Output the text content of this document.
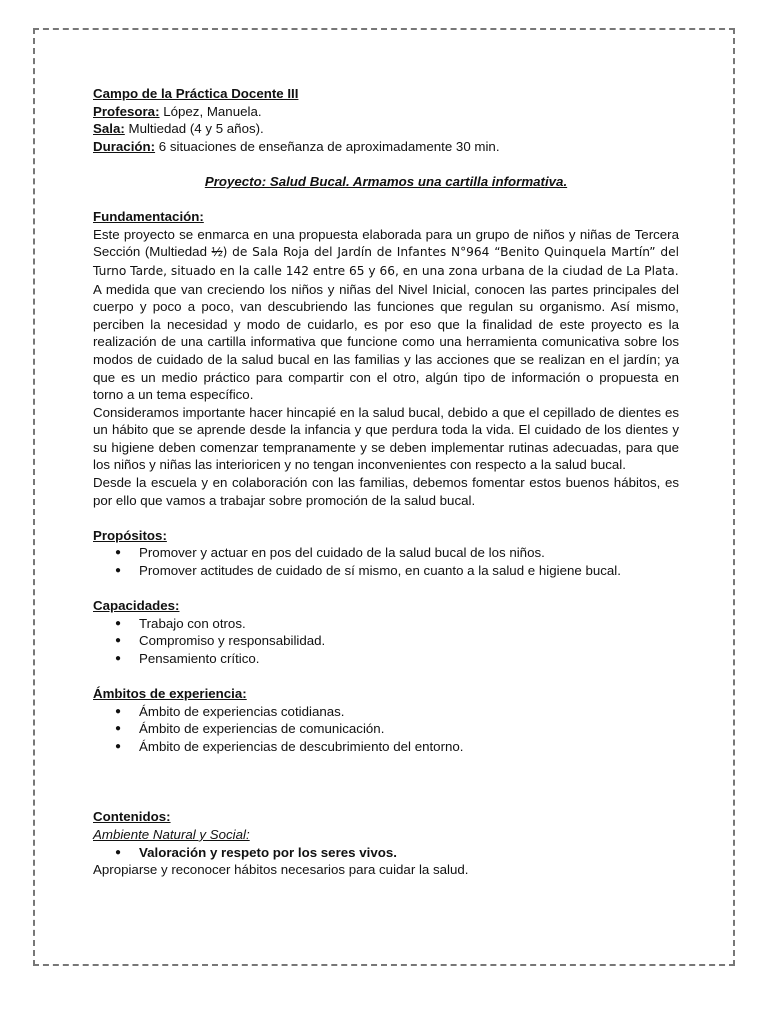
Campo de la Práctica Docente III

Profesora: López, Manuela.

Sala: Multiedad (4 y 5 años).

Duración: 6 situaciones de enseñanza de aproximadamente 30 min.

Proyecto: Salud Bucal. Armamos una cartilla informativa.

Fundamentación:

Este proyecto se enmarca en una propuesta elaborada para un grupo de niños y niñas de Tercera Sección (Multiedad ½) de Sala Roja del Jardín de Infantes N°964 “Benito Quinquela Martín” del Turno Tarde, situado en la calle 142 entre 65 y 66, en una zona urbana de la ciudad de La Plata.

A medida que van creciendo los niños y niñas del Nivel Inicial, conocen las partes principales del cuerpo y poco a poco, van descubriendo las funciones que regulan su organismo. Así mismo, perciben la necesidad y modo de cuidarlo, es por eso que la finalidad de este proyecto es la realización de una cartilla informativa que funcione como una herramienta comunicativa sobre los modos de cuidado de la salud bucal en las familias y las acciones que se realizan en el jardín; ya que es un medio práctico para compartir con el otro, algún tipo de información o propuesta en torno a un tema específico.

Consideramos importante hacer hincapié en la salud bucal, debido a que el cepillado de dientes es un hábito que se aprende desde la infancia y que perdura toda la vida. El cuidado de los dientes y su higiene deben comenzar tempranamente y se deben implementar rutinas adecuadas, para que los niños y niñas las interioricen y no tengan inconvenientes con respecto a la salud bucal.

Desde la escuela y en colaboración con las familias, debemos fomentar estos buenos hábitos, es por ello que vamos a trabajar sobre promoción de la salud bucal.

Propósitos:

● Promover y actuar en pos del cuidado de la salud bucal de los niños.
● Promover actitudes de cuidado de sí mismo, en cuanto a la salud e higiene bucal.

Capacidades:

● Trabajo con otros.
● Compromiso y responsabilidad.
● Pensamiento crítico.

Ámbitos de experiencia:

● Ámbito de experiencias cotidianas.
● Ámbito de experiencias de comunicación.
● Ámbito de experiencias de descubrimiento del entorno.

Contenidos:

Ambiente Natural y Social:

● Valoración y respeto por los seres vivos.

Apropiarse y reconocer hábitos necesarios para cuidar la salud.
